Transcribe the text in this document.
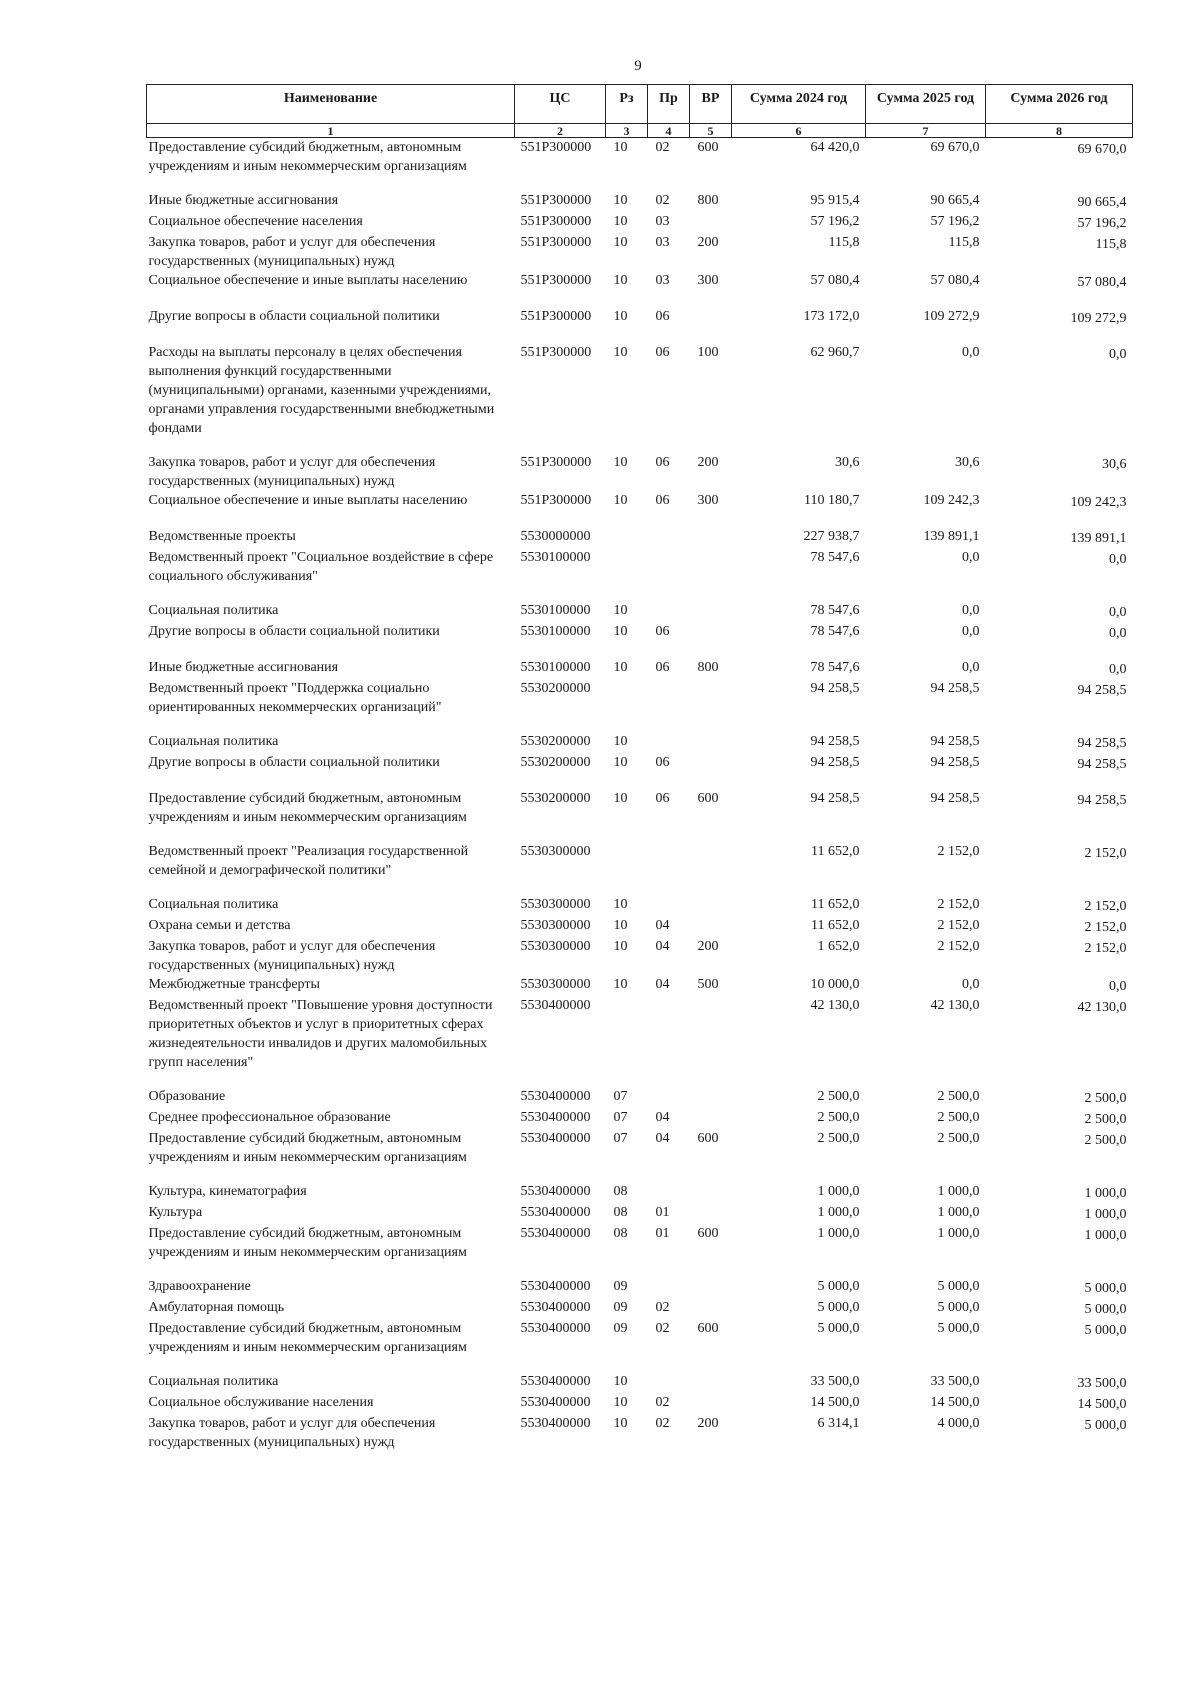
9
Наименование	ЦС	Рз	Пр	ВР	Сумма 2024 год	Сумма 2025 год	Сумма 2026 год
1	2	3	4	5	6	7	8
Предоставление субсидий бюджетным, автономным учреждениям и иным некоммерческим организациям	551P300000	10	02	600	64 420,0	69 670,0	69 670,0

Иные бюджетные ассигнования	551P300000	10	02	800	95 915,4	90 665,4	90 665,4
Социальное обеспечение населения	551P300000	10	03		57 196,2	57 196,2	57 196,2
Закупка товаров, работ и услуг для обеспечения государственных (муниципальных) нужд	551P300000	10	03	200	115,8	115,8	115,8
Социальное обеспечение и иные выплаты населению	551P300000	10	03	300	57 080,4	57 080,4	57 080,4

Другие вопросы в области социальной политики	551P300000	10	06		173 172,0	109 272,9	109 272,9

Расходы на выплаты персоналу в целях обеспечения выполнения функций государственными (муниципальными) органами, казенными учреждениями, органами управления государственными внебюджетными фондами	551P300000	10	06	100	62 960,7	0,0	0,0

Закупка товаров, работ и услуг для обеспечения государственных (муниципальных) нужд	551P300000	10	06	200	30,6	30,6	30,6
Социальное обеспечение и иные выплаты населению	551P300000	10	06	300	110 180,7	109 242,3	109 242,3

Ведомственные проекты	5530000000				227 938,7	139 891,1	139 891,1
Ведомственный проект "Социальное воздействие в сфере социального обслуживания"	5530100000				78 547,6	0,0	0,0

Социальная политика	5530100000	10			78 547,6	0,0	0,0
Другие вопросы в области социальной политики	5530100000	10	06		78 547,6	0,0	0,0

Иные бюджетные ассигнования	5530100000	10	06	800	78 547,6	0,0	0,0
Ведомственный проект "Поддержка социально ориентированных некоммерческих организаций"	5530200000				94 258,5	94 258,5	94 258,5

Социальная политика	5530200000	10			94 258,5	94 258,5	94 258,5
Другие вопросы в области социальной политики	5530200000	10	06		94 258,5	94 258,5	94 258,5

Предоставление субсидий бюджетным, автономным учреждениям и иным некоммерческим организациям	5530200000	10	06	600	94 258,5	94 258,5	94 258,5

Ведомственный проект "Реализация государственной семейной и демографической политики"	5530300000				11 652,0	2 152,0	2 152,0

Социальная политика	5530300000	10			11 652,0	2 152,0	2 152,0
Охрана семьи и детства	5530300000	10	04		11 652,0	2 152,0	2 152,0
Закупка товаров, работ и услуг для обеспечения государственных (муниципальных) нужд	5530300000	10	04	200	1 652,0	2 152,0	2 152,0
Межбюджетные трансферты	5530300000	10	04	500	10 000,0	0,0	0,0
Ведомственный проект "Повышение уровня доступности приоритетных объектов и услуг в приоритетных сферах жизнедеятельности инвалидов и других маломобильных групп населения"	5530400000				42 130,0	42 130,0	42 130,0

Образование	5530400000	07			2 500,0	2 500,0	2 500,0
Среднее профессиональное образование	5530400000	07	04		2 500,0	2 500,0	2 500,0
Предоставление субсидий бюджетным, автономным учреждениям и иным некоммерческим организациям	5530400000	07	04	600	2 500,0	2 500,0	2 500,0

Культура, кинематография	5530400000	08			1 000,0	1 000,0	1 000,0
Культура	5530400000	08	01		1 000,0	1 000,0	1 000,0
Предоставление субсидий бюджетным, автономным учреждениям и иным некоммерческим организациям	5530400000	08	01	600	1 000,0	1 000,0	1 000,0

Здравоохранение	5530400000	09			5 000,0	5 000,0	5 000,0
Амбулаторная помощь	5530400000	09	02		5 000,0	5 000,0	5 000,0
Предоставление субсидий бюджетным, автономным учреждениям и иным некоммерческим организациям	5530400000	09	02	600	5 000,0	5 000,0	5 000,0

Социальная политика	5530400000	10			33 500,0	33 500,0	33 500,0
Социальное обслуживание населения	5530400000	10	02		14 500,0	14 500,0	14 500,0
Закупка товаров, работ и услуг для обеспечения государственных (муниципальных) нужд	5530400000	10	02	200	6 314,1	4 000,0	5 000,0
